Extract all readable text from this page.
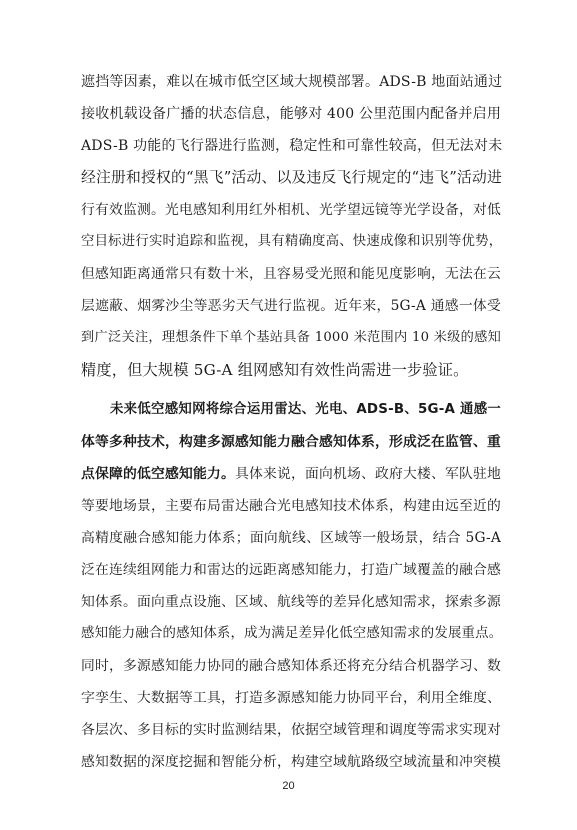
遮挡等因素，难以在城市低空区域大规模部署。ADS-B 地面站通过
接收机载设备广播的状态信息，能够对 400 公里范围内配备并启用
ADS-B 功能的飞行器进行监测，稳定性和可靠性较高，但无法对未
经注册和授权的“黑飞”活动、以及违反飞行规定的“违飞”活动进
行有效监测。光电感知利用红外相机、光学望远镜等光学设备，对低
空目标进行实时追踪和监视，具有精确度高、快速成像和识别等优势，
但感知距离通常只有数十米，且容易受光照和能见度影响，无法在云
层遮蔽、烟雾沙尘等恶劣天气进行监视。近年来，5G-A 通感一体受
到广泛关注，理想条件下单个基站具备 1000 米范围内 10 米级的感知
精度，但大规模 5G-A 组网感知有效性尚需进一步验证。
未来低空感知网将综合运用雷达、光电、ADS-B、5G-A 通感一
体等多种技术，构建多源感知能力融合感知体系，形成泛在监管、重
点保障的低空感知能力。具体来说，面向机场、政府大楼、军队驻地
等要地场景，主要布局雷达融合光电感知技术体系，构建由远至近的
高精度融合感知能力体系；面向航线、区域等一般场景，结合 5G-A
泛在连续组网能力和雷达的远距离感知能力，打造广域覆盖的融合感
知体系。面向重点设施、区域、航线等的差异化感知需求，探索多源
感知能力融合的感知体系，成为满足差异化低空感知需求的发展重点。
同时，多源感知能力协同的融合感知体系还将充分结合机器学习、数
字孪生、大数据等工具，打造多源感知能力协同平台，利用全维度、
各层次、多目标的实时监测结果，依据空域管理和调度等需求实现对
感知数据的深度挖掘和智能分析，构建空域航路级空域流量和冲突模
20
